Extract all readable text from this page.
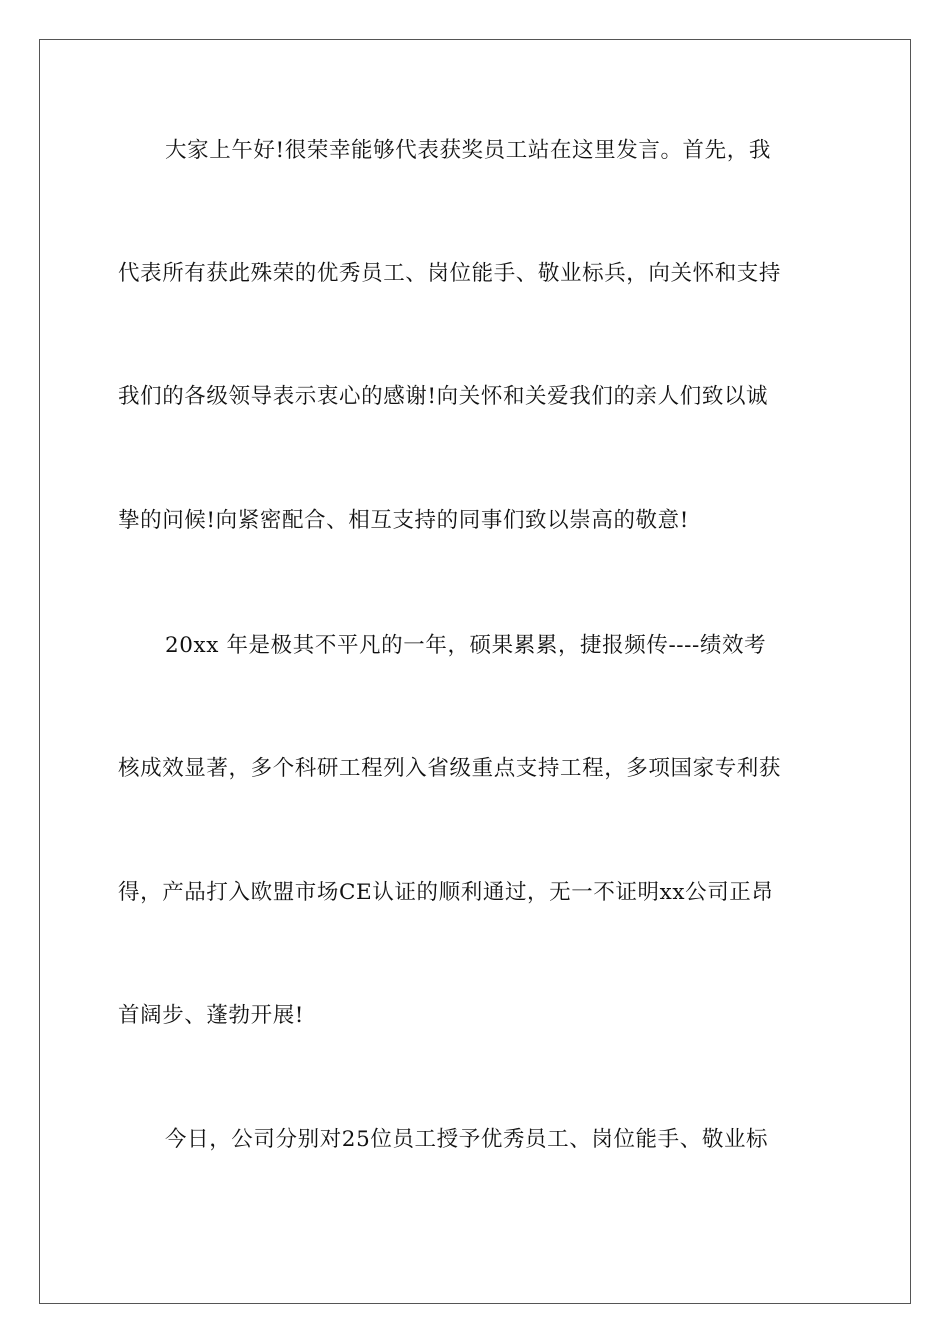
大家上午好!很荣幸能够代表获奖员工站在这里发言。首先，我
代表所有获此殊荣的优秀员工、岗位能手、敬业标兵，向关怀和支持
我们的各级领导表示衷心的感谢!向关怀和关爱我们的亲人们致以诚
挚的问候!向紧密配合、相互支持的同事们致以崇高的敬意!
20xx 年是极其不平凡的一年，硕果累累，捷报频传----绩效考
核成效显著，多个科研工程列入省级重点支持工程，多项国家专利获
得，产品打入欧盟市场CE认证的顺利通过，无一不证明xx公司正昂
首阔步、蓬勃开展!
今日，公司分别对25位员工授予优秀员工、岗位能手、敬业标
